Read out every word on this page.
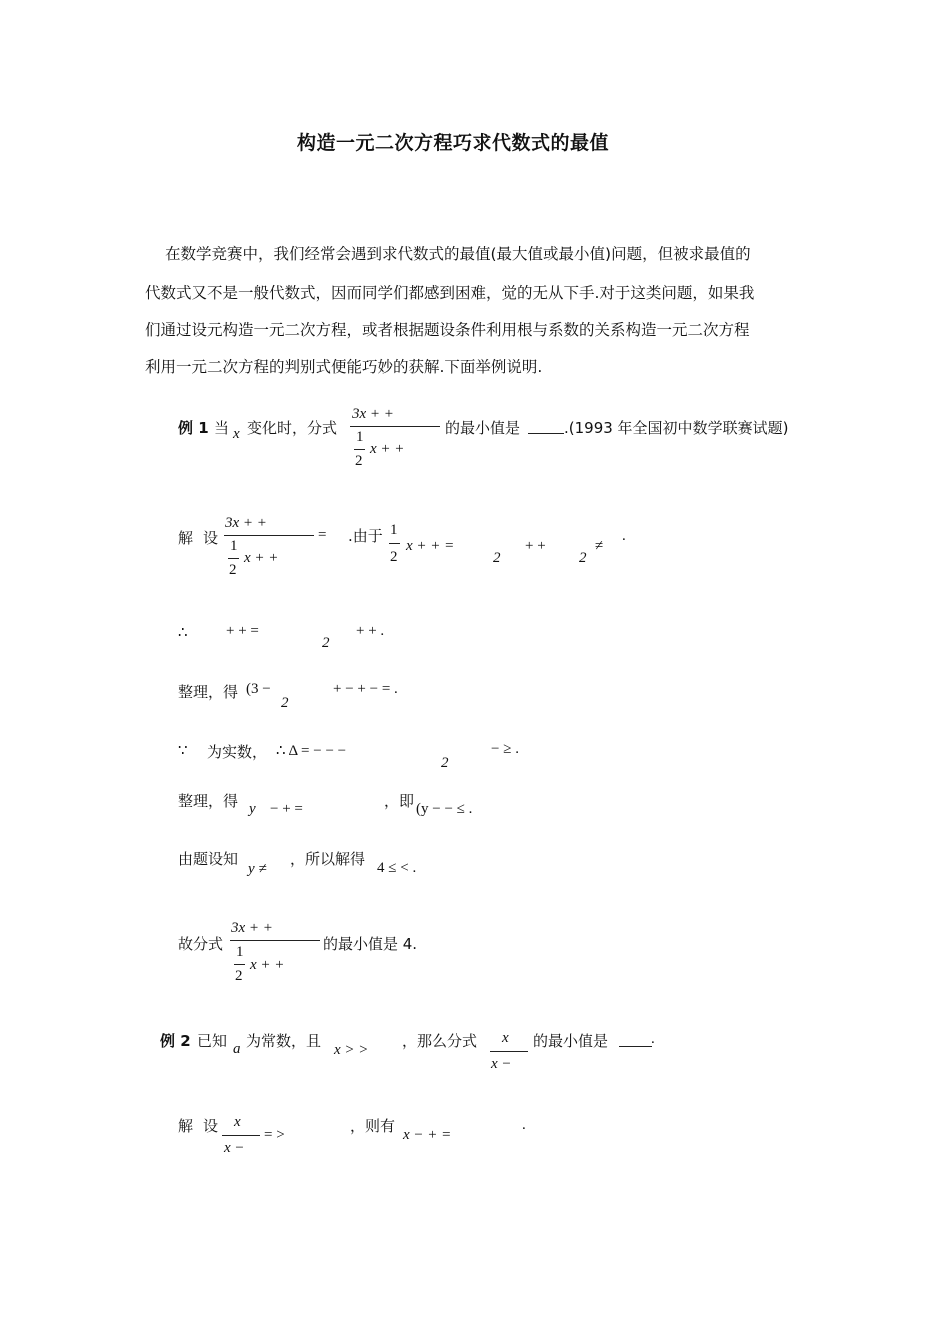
构造一元二次方程巧求代数式的最值
在数学竞赛中，我们经常会遇到求代数式的最值(最大值或最小值)问题，但被求最值的
代数式又不是一般代数式，因而同学们都感到困难，觉的无从下手.对于这类问题，如果我
们通过设元构造一元二次方程，或者根据题设条件利用根与系数的关系构造一元二次方程
利用一元二次方程的判别式便能巧妙的获解.下面举例说明.
例 1 当 x 变化时，分式
3x + +
1
2
x + +
的最小值是	.(1993 年全国初中数学联赛试题)
解 设
3x + +
1
2
x + +
= .由于 1
2
x + + =
2
+ +
2
≠
.
∴	+ + =
2
+ + .
整理，得 (3 −
2
+ − + − = .
∵ 为实数， ∴ Δ = − − −
2
− ≥ .
整理，得 y − + =	，即 (y − − ≤ .
由题设知
y ≠
，所以解得 4 ≤ < .
故分式
3x + +
1
2
x + +
的最小值是 4.
例 2 已知 a 为常数，且 x > > ，那么分式 x
x −
的最小值是	.
解 设 x
x −
= >	，则有 x − + =
.
